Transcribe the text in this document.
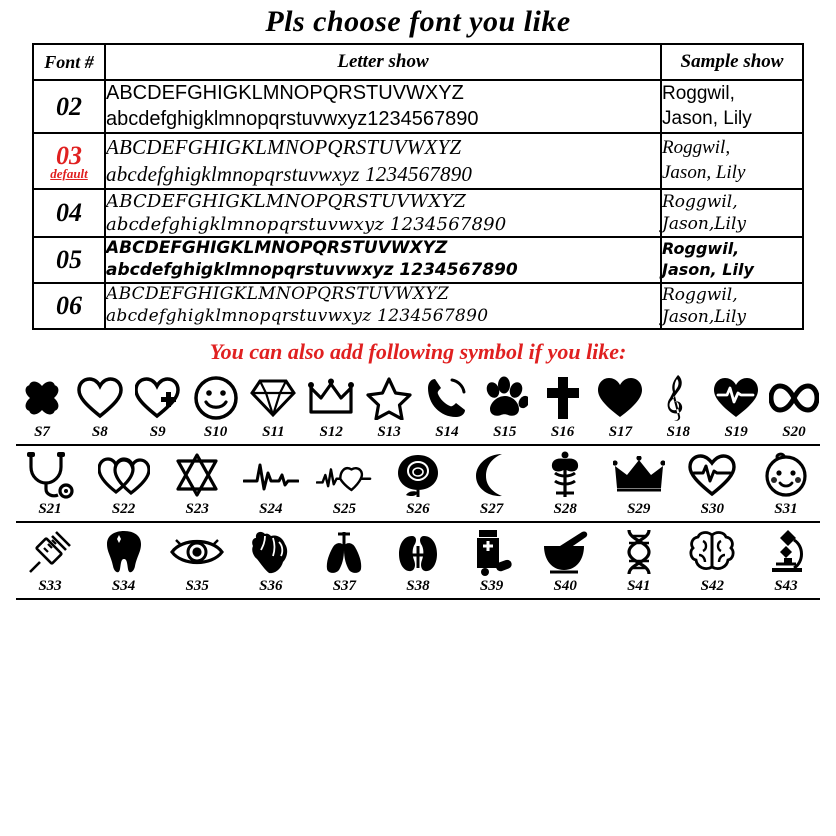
Pls choose font you like
Font #	Letter show	Sample show
02	ABCDEFGHIGKLMNOPQRSTUVWXYZ
abcdefghigklmnopqrstuvwxyz1234567890	Roggwil,
Jason, Lily

03
default	ABCDEFGHIGKLMNOPQRSTUVWXYZ
abcdefghigklmnopqrstuvwxyz 1234567890	Roggwil,
Jason, Lily

04	ABCDEFGHIGKLMNOPQRSTUVWXYZ
abcdefghigklmnopqrstuvwxyz 1234567890	Roggwil,
Jason,Lily

05	ABCDEFGHIGKLMNOPQRSTUVWXYZ
abcdefghigklmnopqrstuvwxyz 1234567890	Roggwil,
Jason, Lily

06	ABCDEFGHIGKLMNOPQRSTUVWXYZ
abcdefghigklmnopqrstuvwxyz 1234567890	Roggwil,
Jason,Lily
You can also add following symbol if you like:
S7	S8	S9	S10	S11	S12	S13	S14	S15	S16	S17	S18	S19	S20
S21	S22	S23	S24	S25	S26	S27	S28	S29	S30	S31
S33	S34	S35	S36	S37	S38	S39	S40	S41	S42	S43
